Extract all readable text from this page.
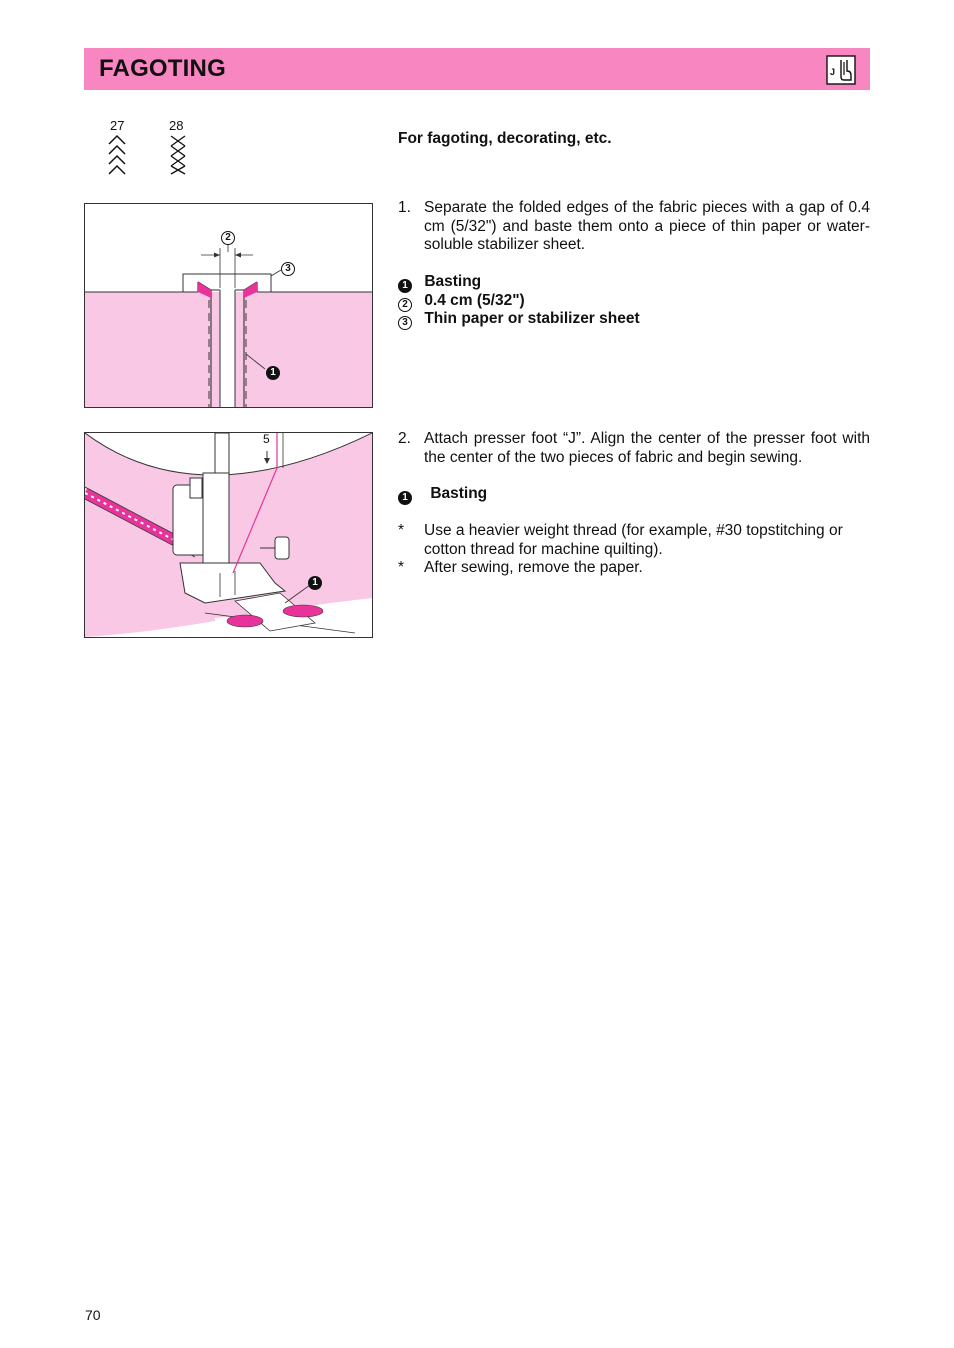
FAGOTING	J
27	28
For fagoting, decorating, etc.
2
3
1
1. Separate the folded edges of the fabric pieces with a gap of 0.4 cm (5/32") and baste them onto a piece of thin paper or water-soluble stabilizer sheet.
1 Basting
2 0.4 cm (5/32")
3 Thin paper or stabilizer sheet
5
1
2. Attach presser foot “J”. Align the center of the presser foot with the center of the two pieces of fabric and begin sewing.
1 Basting
* Use a heavier weight thread (for example, #30 topstitching or cotton thread for machine quilting).
* After sewing, remove the paper.
70
